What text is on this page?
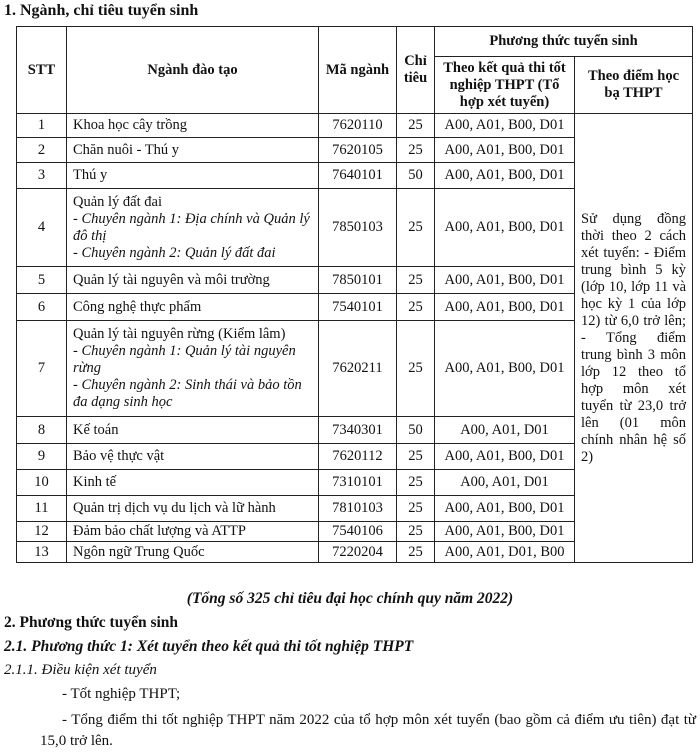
1. Ngành, chỉ tiêu tuyển sinh
STT	Ngành đào tạo	Mã ngành	Chỉ tiêu	Phương thức tuyển sinh	
				Theo kết quả thi tốt nghiệp THPT (Tổ hợp xét tuyển)	Theo điểm học bạ THPT
1	Khoa học cây trồng	7620110	25	A00, A01, B00, D01	Sử dụng đồng thời theo 2 cách xét tuyển: - Điểm trung bình 5 kỳ (lớp 10, lớp 11 và học kỳ 1 của lớp 12) từ 6,0 trở lên; - Tổng điểm trung bình 3 môn lớp 12 theo tổ hợp môn xét tuyển từ 23,0 trở lên (01 môn chính nhân hệ số 2)
2	Chăn nuôi - Thú y	7620105	25	A00, A01, B00, D01	
3	Thú y	7640101	50	A00, A01, B00, D01	
4	Quản lý đất đai
- Chuyên ngành 1: Địa chính và Quản lý đô thị
- Chuyên ngành 2: Quản lý đất đai	7850103	25	A00, A01, B00, D01	
5	Quản lý tài nguyên và môi trường	7850101	25	A00, A01, B00, D01	
6	Công nghệ thực phẩm	7540101	25	A00, A01, B00, D01	
7	Quản lý tài nguyên rừng (Kiểm lâm)
- Chuyên ngành 1: Quản lý tài nguyên rừng
- Chuyên ngành 2: Sinh thái và bảo tồn đa dạng sinh học	7620211	25	A00, A01, B00, D01	
8	Kế toán	7340301	50	A00, A01, D01	
9	Bảo vệ thực vật	7620112	25	A00, A01, B00, D01	
10	Kinh tế	7310101	25	A00, A01, D01	
11	Quản trị dịch vụ du lịch và lữ hành	7810103	25	A00, A01, B00, D01	
12	Đảm bảo chất lượng và ATTP	7540106	25	A00, A01, B00, D01	
13	Ngôn ngữ Trung Quốc	7220204	25	A00, A01, D01, B00	
(Tổng số 325 chỉ tiêu đại học chính quy năm 2022)
2. Phương thức tuyển sinh
2.1. Phương thức 1: Xét tuyển theo kết quả thi tốt nghiệp THPT
2.1.1. Điều kiện xét tuyển
- Tốt nghiệp THPT;
- Tổng điểm thi tốt nghiệp THPT năm 2022 của tổ hợp môn xét tuyển (bao gồm cả điểm ưu tiên) đạt từ 15,0 trở lên.
